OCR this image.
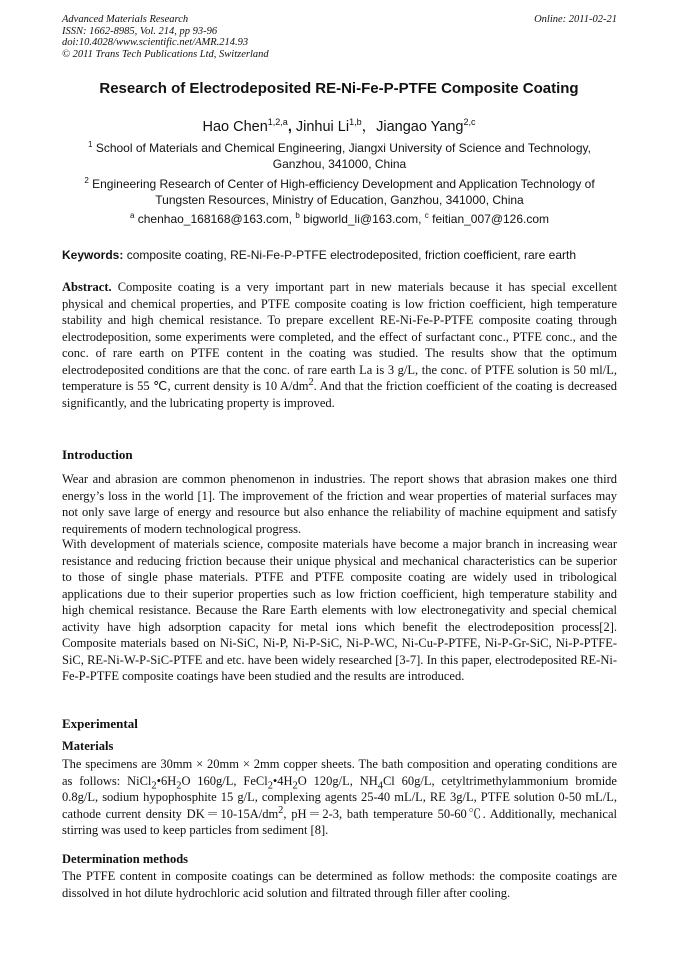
Advanced Materials Research
ISSN: 1662-8985, Vol. 214, pp 93-96
doi:10.4028/www.scientific.net/AMR.214.93
© 2011 Trans Tech Publications Ltd, Switzerland
Online: 2011-02-21
Research of Electrodeposited RE-Ni-Fe-P-PTFE Composite Coating
Hao Chen$^{1,2,a}$, Jinhui Li$^{1,b}$，Jiangao Yang$^{2,c}$
$^1$ School of Materials and Chemical Engineering, Jiangxi University of Science and Technology, Ganzhou, 341000, China
$^2$ Engineering Research of Center of High-efficiency Development and Application Technology of Tungsten Resources, Ministry of Education, Ganzhou, 341000, China
$^a$ chenhao_168168@163.com, $^b$ bigworld_li@163.com, $^c$ feitian_007@126.com
Keywords: composite coating, RE-Ni-Fe-P-PTFE electrodeposited, friction coefficient, rare earth
Abstract. Composite coating is a very important part in new materials because it has special excellent physical and chemical properties, and PTFE composite coating is low friction coefficient, high temperature stability and high chemical resistance. To prepare excellent RE-Ni-Fe-P-PTFE composite coating through electrodeposition, some experiments were completed, and the effect of surfactant conc., PTFE conc., and the conc. of rare earth on PTFE content in the coating was studied. The results show that the optimum electrodeposited conditions are that the conc. of rare earth La is 3 g/L, the conc. of PTFE solution is 50 ml/L, temperature is 55 ℃, current density is 10 $A/dm^2$. And that the friction coefficient of the coating is decreased significantly, and the lubricating property is improved.
Introduction
Wear and abrasion are common phenomenon in industries. The report shows that abrasion makes one third energy’s loss in the world [1]. The improvement of the friction and wear properties of material surfaces may not only save large of energy and resource but also enhance the reliability of machine equipment and satisfy requirements of modern technological progress.
With development of materials science, composite materials have become a major branch in increasing wear resistance and reducing friction because their unique physical and mechanical characteristics can be superior to those of single phase materials. PTFE and PTFE composite coating are widely used in tribological applications due to their superior properties such as low friction coefficient, high temperature stability and high chemical resistance. Because the Rare Earth elements with low electronegativity and special chemical activity have high adsorption capacity for metal ions which benefit the electrodeposition process[2]. Composite materials based on Ni-SiC, Ni-P, Ni-P-SiC, Ni-P-WC, Ni-Cu-P-PTFE, Ni-P-Gr-SiC, Ni-P-PTFE-SiC, RE-Ni-W-P-SiC-PTFE and etc. have been widely researched [3-7]. In this paper, electrodeposited RE-Ni-Fe-P-PTFE composite coatings have been studied and the results are introduced.
Experimental
Materials
The specimens are 30mm × 20mm × 2mm copper sheets. The bath composition and operating conditions are as follows: $NiCl_2•6H_2O$ 160g/L, $FeCl_2•4H_2O$ 120g/L, $NH_4Cl$ 60g/L, cetyltrimethylammonium bromide 0.8g/L, sodium hypophosphite 15 g/L, complexing agents 25-40 mL/L, RE 3g/L, PTFE solution 0-50 mL/L, cathode current density $DK=10-15A/dm^2$, pH＝2-3, bath temperature 50-60℃. Additionally, mechanical stirring was used to keep particles from sediment [8].
Determination methods
The PTFE content in composite coatings can be determined as follow methods: the composite coatings are dissolved in hot dilute hydrochloric acid solution and filtrated through filler after cooling.
